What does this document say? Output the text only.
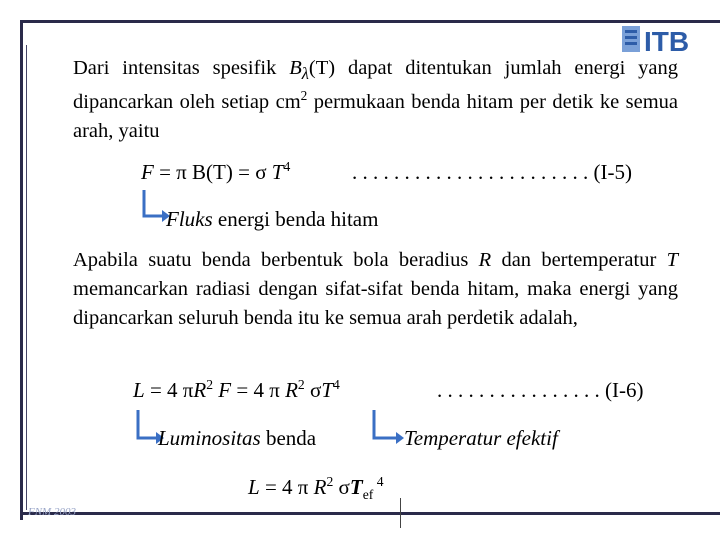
ITB
Dari intensitas spesifik $B_\lambda(T)$ dapat ditentukan jumlah energi yang dipancarkan oleh setiap $cm^2$ permukaan benda hitam per detik ke semua arah, yaitu
F = π B(T) = σ $T^4$	. . . . . . . . . . . . . . . . . . . . . . . (I-5)
Fluks energi benda hitam
Apabila suatu benda berbentuk bola beradius R dan bertemperatur T memancarkan radiasi dengan sifat-sifat benda hitam, maka energi yang dipancarkan seluruh benda itu ke semua arah perdetik adalah,
L = 4 $\pi R^2$ F = 4 π $R^2$ $\sigma T^4$	. . . . . . . . . . . . . . . . (I-6)
Luminositas benda	Temperatur efektif
L = 4 π $R^2$ $\sigma T_{ef}$ $^4$
FNM 2003
